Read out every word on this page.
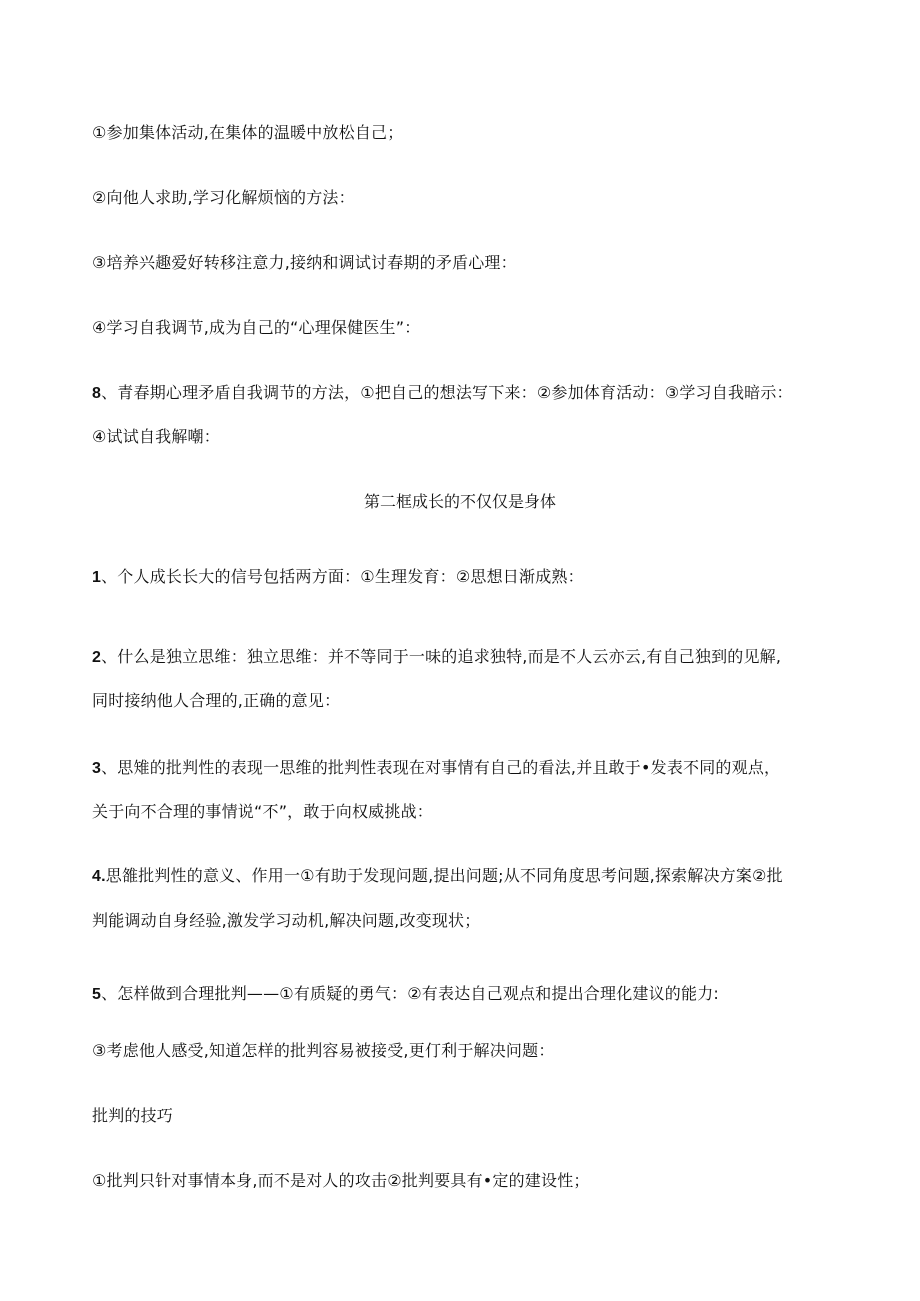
①参加集体活动,在集体的温暖中放松自己；
②向他人求助,学习化解烦恼的方法：
③培养兴趣爱好转移注意力,接纳和调试讨春期的矛盾心理：
④学习自我调节,成为自己的“心理保健医生”：
8、青春期心理矛盾自我调节的方法，①把自己的想法写下来：②参加体育活动：③学习自我暗示：
④试试自我解嘲：
第二框成长的不仅仅是身体
1、个人成长长大的信号包括两方面：①生理发育：②思想日渐成熟：
2、什么是独立思维：独立思维：并不等同于一味的追求独特,而是不人云亦云,有自己独到的见解,
同时接纳他人合理的,正确的意见：
3、思雉的批判性的表现一思维的批判性表现在对事情有自己的看法,并且敢于•发表不同的观点，
关于向不合理的事情说“不”，敢于向权威挑战：
4.思雒批判性的意义、作用一①有助于发现问题,提出问题;从不同角度思考问题,探索解决方案②批
判能调动自身经验,激发学习动机,解决问题,改变现状；
5、怎样做到合理批判——①有质疑的勇气：②有表达自己观点和提出合理化建议的能力:
③考虑他人感受,知道怎样的批判容易被接受,更仃利于解决问题：
批判的技巧
①批判只针对事情本身,而不是对人的攻击②批判要具有•定的建设性；
